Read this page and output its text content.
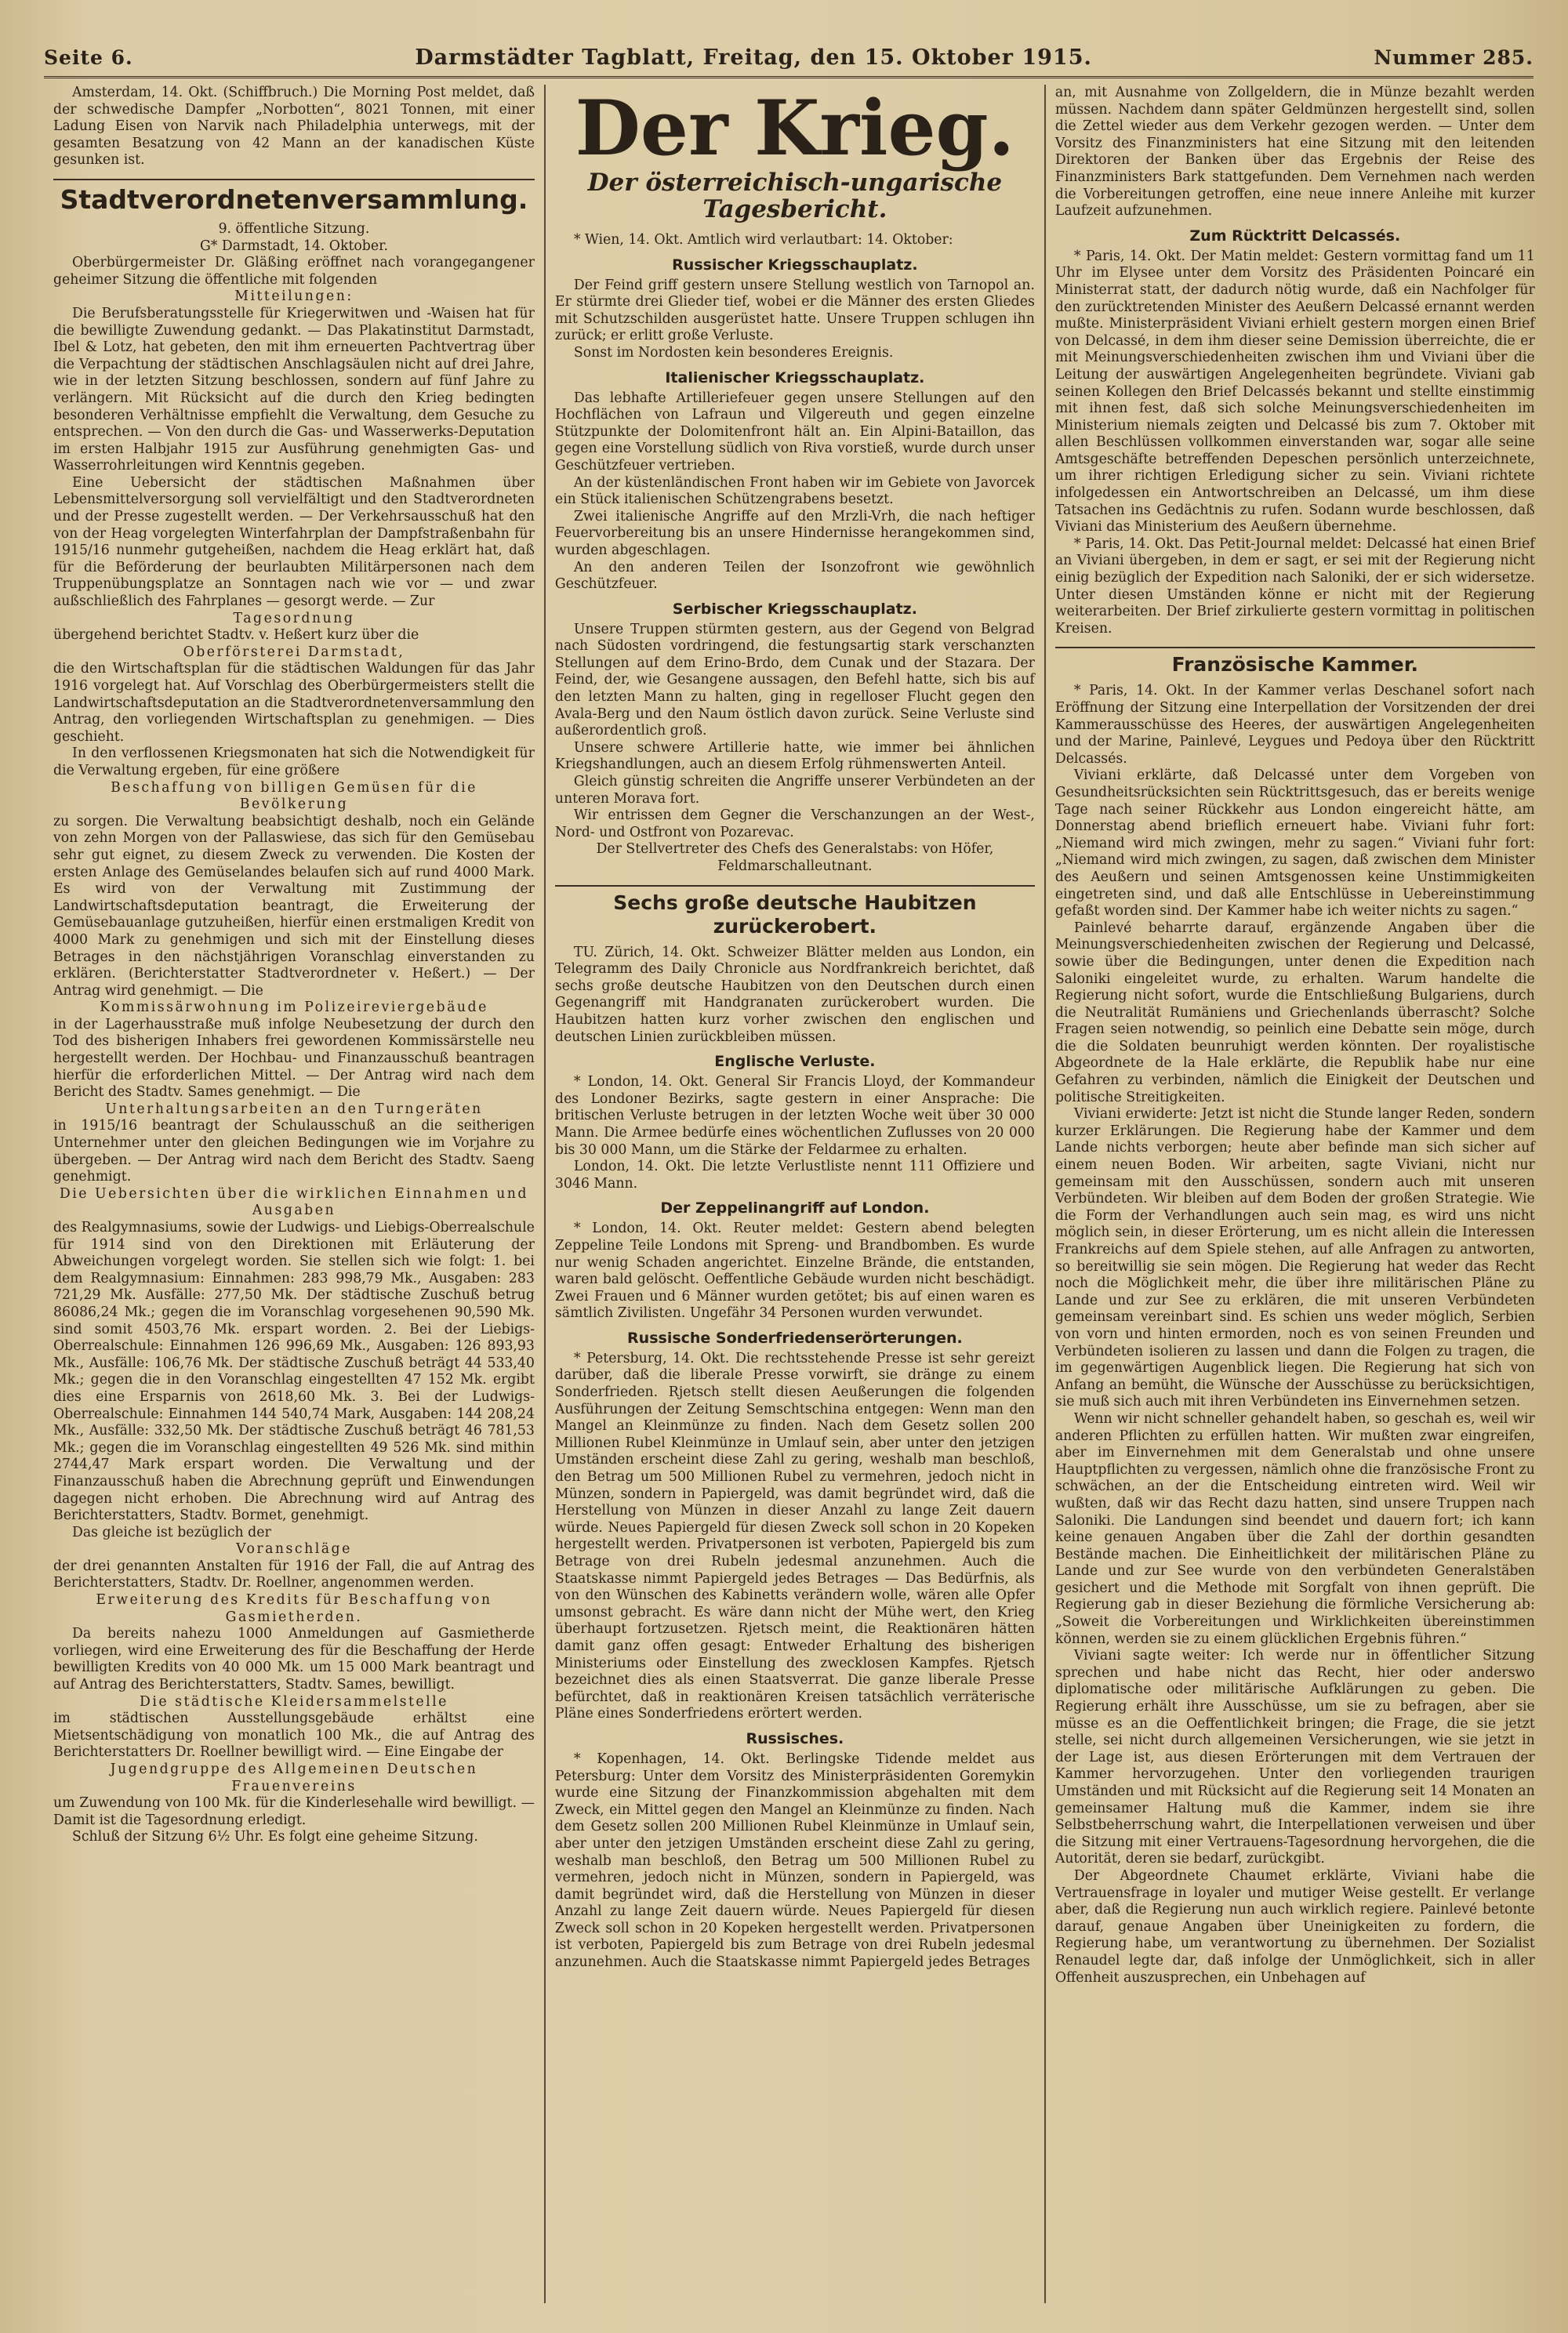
Seite 6.	Darmstädter Tagblatt, Freitag, den 15. Oktober 1915.	Nummer 285.

Amsterdam, 14. Okt. (Schiffbruch.) Die Morning Post meldet, daß der schwedische Dampfer „Norbotten“, 8021 Tonnen, mit einer Ladung Eisen von Narvik nach Philadelphia unterwegs, mit der gesamten Besatzung von 42 Mann an der kanadischen Küste gesunken ist.

Stadtverordnetenversammlung.

9. öffentliche Sitzung.

G* Darmstadt, 14. Oktober.

Oberbürgermeister Dr. Gläßing eröffnet nach vorangegangener geheimer Sitzung die öffentliche mit folgenden

Mitteilungen:

Die Berufsberatungsstelle für Kriegerwitwen und -Waisen hat für die bewilligte Zuwendung gedankt. — Das Plakatinstitut Darmstadt, Ibel & Lotz, hat gebeten, den mit ihm erneuerten Pachtvertrag über die Verpachtung der städtischen Anschlagsäulen nicht auf drei Jahre, wie in der letzten Sitzung beschlossen, sondern auf fünf Jahre zu verlängern. Mit Rücksicht auf die durch den Krieg bedingten besonderen Verhältnisse empfiehlt die Verwaltung, dem Gesuche zu entsprechen. — Von den durch die Gas- und Wasserwerks-Deputation im ersten Halbjahr 1915 zur Ausführung genehmigten Gas- und Wasserrohrleitungen wird Kenntnis gegeben.

Eine Uebersicht der städtischen Maßnahmen über Lebensmittelversorgung soll vervielfältigt und den Stadtverordneten und der Presse zugestellt werden. — Der Verkehrsausschuß hat den von der Heag vorgelegten Winterfahrplan der Dampfstraßenbahn für 1915/16 nunmehr gutgeheißen, nachdem die Heag erklärt hat, daß für die Beförderung der beurlaubten Militärpersonen nach dem Truppenübungsplatze an Sonntagen nach wie vor — und zwar außschließlich des Fahrplanes — gesorgt werde. — Zur

Tagesordnung

übergehend berichtet Stadtv. v. Heßert kurz über die

Oberförsterei Darmstadt,

die den Wirtschaftsplan für die städtischen Waldungen für das Jahr 1916 vorgelegt hat. Auf Vorschlag des Oberbürgermeisters stellt die Landwirtschaftsdeputation an die Stadtverordnetenversammlung den Antrag, den vorliegenden Wirtschaftsplan zu genehmigen. — Dies geschieht.

In den verflossenen Kriegsmonaten hat sich die Notwendigkeit für die Verwaltung ergeben, für eine größere

Beschaffung von billigen Gemüsen für die Bevölkerung

zu sorgen. Die Verwaltung beabsichtigt deshalb, noch ein Gelände von zehn Morgen von der Pallaswiese, das sich für den Gemüsebau sehr gut eignet, zu diesem Zweck zu verwenden. Die Kosten der ersten Anlage des Gemüselandes belaufen sich auf rund 4000 Mark. Es wird von der Verwaltung mit Zustimmung der Landwirtschaftsdeputation beantragt, die Erweiterung der Gemüsebauanlage gutzuheißen, hierfür einen erstmaligen Kredit von 4000 Mark zu genehmigen und sich mit der Einstellung dieses Betrages in den nächstjährigen Voranschlag einverstanden zu erklären. (Berichterstatter Stadtverordneter v. Heßert.) — Der Antrag wird genehmigt. — Die

Kommissärwohnung im Polizeireviergebäude

in der Lagerhausstraße muß infolge Neubesetzung der durch den Tod des bisherigen Inhabers frei gewordenen Kommissärstelle neu hergestellt werden. Der Hochbau- und Finanzausschuß beantragen hierfür die erforderlichen Mittel. — Der Antrag wird nach dem Bericht des Stadtv. Sames genehmigt. — Die

Unterhaltungsarbeiten an den Turngeräten

in 1915/16 beantragt der Schulausschuß an die seitherigen Unternehmer unter den gleichen Bedingungen wie im Vorjahre zu übergeben. — Der Antrag wird nach dem Bericht des Stadtv. Saeng genehmigt.

Die Uebersichten über die wirklichen Einnahmen und Ausgaben

des Realgymnasiums, sowie der Ludwigs- und Liebigs-Oberrealschule für 1914 sind von den Direktionen mit Erläuterung der Abweichungen vorgelegt worden. Sie stellen sich wie folgt: 1. bei dem Realgymnasium: Einnahmen: 283 998,79 Mk., Ausgaben: 283 721,29 Mk. Ausfälle: 277,50 Mk. Der städtische Zuschuß betrug 86086,24 Mk.; gegen die im Voranschlag vorgesehenen 90,590 Mk. sind somit 4503,76 Mk. erspart worden. 2. Bei der Liebigs-Oberrealschule: Einnahmen 126 996,69 Mk., Ausgaben: 126 893,93 Mk., Ausfälle: 106,76 Mk. Der städtische Zuschuß beträgt 44 533,40 Mk.; gegen die in den Voranschlag eingestellten 47 152 Mk. ergibt dies eine Ersparnis von 2618,60 Mk. 3. Bei der Ludwigs-Oberrealschule: Einnahmen 144 540,74 Mark, Ausgaben: 144 208,24 Mk., Ausfälle: 332,50 Mk. Der städtische Zuschuß beträgt 46 781,53 Mk.; gegen die im Voranschlag eingestellten 49 526 Mk. sind mithin 2744,47 Mark erspart worden. Die Verwaltung und der Finanzausschuß haben die Abrechnung geprüft und Einwendungen dagegen nicht erhoben. Die Abrechnung wird auf Antrag des Berichterstatters, Stadtv. Bormet, genehmigt.

Das gleiche ist bezüglich der

Voranschläge

der drei genannten Anstalten für 1916 der Fall, die auf Antrag des Berichterstatters, Stadtv. Dr. Roellner, angenommen werden.

Erweiterung des Kredits für Beschaffung von Gasmietherden.

Da bereits nahezu 1000 Anmeldungen auf Gasmietherde vorliegen, wird eine Erweiterung des für die Beschaffung der Herde bewilligten Kredits von 40 000 Mk. um 15 000 Mark beantragt und auf Antrag des Berichterstatters, Stadtv. Sames, bewilligt.

Die städtische Kleidersammelstelle

im städtischen Ausstellungsgebäude erhältst eine Mietsentschädigung von monatlich 100 Mk., die auf Antrag des Berichterstatters Dr. Roellner bewilligt wird. — Eine Eingabe der

Jugendgruppe des Allgemeinen Deutschen Frauenvereins

um Zuwendung von 100 Mk. für die Kinderlesehalle wird bewilligt. — Damit ist die Tagesordnung erledigt.

Schluß der Sitzung 6½ Uhr. Es folgt eine geheime Sitzung.

Der Krieg.
Der österreichisch-ungarische Tagesbericht.

* Wien, 14. Okt. Amtlich wird verlautbart: 14. Oktober:

Russischer Kriegsschauplatz.

Der Feind griff gestern unsere Stellung westlich von Tarnopol an. Er stürmte drei Glieder tief, wobei er die Männer des ersten Gliedes mit Schutzschilden ausgerüstet hatte. Unsere Truppen schlugen ihn zurück; er erlitt große Verluste.

Sonst im Nordosten kein besonderes Ereignis.

Italienischer Kriegsschauplatz.

Das lebhafte Artilleriefeuer gegen unsere Stellungen auf den Hochflächen von Lafraun und Vilgereuth und gegen einzelne Stützpunkte der Dolomitenfront hält an. Ein Alpini-Bataillon, das gegen eine Vorstellung südlich von Riva vorstieß, wurde durch unser Geschützfeuer vertrieben.

An der küstenländischen Front haben wir im Gebiete von Javorcek ein Stück italienischen Schützengrabens besetzt.

Zwei italienische Angriffe auf den Mrzli-Vrh, die nach heftiger Feuervorbereitung bis an unsere Hindernisse herangekommen sind, wurden abgeschlagen.

An den anderen Teilen der Isonzofront wie gewöhnlich Geschützfeuer.

Serbischer Kriegsschauplatz.

Unsere Truppen stürmten gestern, aus der Gegend von Belgrad nach Südosten vordringend, die festungsartig stark verschanzten Stellungen auf dem Erino-Brdo, dem Cunak und der Stazara. Der Feind, der, wie Gesangene aussagen, den Befehl hatte, sich bis auf den letzten Mann zu halten, ging in regelloser Flucht gegen den Avala-Berg und den Naum östlich davon zurück. Seine Verluste sind außerordentlich groß.

Unsere schwere Artillerie hatte, wie immer bei ähnlichen Kriegshandlungen, auch an diesem Erfolg rühmenswerten Anteil.

Gleich günstig schreiten die Angriffe unserer Verbündeten an der unteren Morava fort.

Wir entrissen dem Gegner die Verschanzungen an der West-, Nord- und Ostfront von Pozarevac.

Der Stellvertreter des Chefs des Generalstabs: von Höfer, Feldmarschalleutnant.

Sechs große deutsche Haubitzen zurückerobert.

TU. Zürich, 14. Okt. Schweizer Blätter melden aus London, ein Telegramm des Daily Chronicle aus Nordfrankreich berichtet, daß sechs große deutsche Haubitzen von den Deutschen durch einen Gegenangriff mit Handgranaten zurückerobert wurden. Die Haubitzen hatten kurz vorher zwischen den englischen und deutschen Linien zurückbleiben müssen.

Englische Verluste.

* London, 14. Okt. General Sir Francis Lloyd, der Kommandeur des Londoner Bezirks, sagte gestern in einer Ansprache: Die britischen Verluste betrugen in der letzten Woche weit über 30 000 Mann. Die Armee bedürfe eines wöchentlichen Zuflusses von 20 000 bis 30 000 Mann, um die Stärke der Feldarmee zu erhalten.

London, 14. Okt. Die letzte Verlustliste nennt 111 Offiziere und 3046 Mann.

Der Zeppelinangriff auf London.

* London, 14. Okt. Reuter meldet: Gestern abend belegten Zeppeline Teile Londons mit Spreng- und Brandbomben. Es wurde nur wenig Schaden angerichtet. Einzelne Brände, die entstanden, waren bald gelöscht. Oeffentliche Gebäude wurden nicht beschädigt. Zwei Frauen und 6 Männer wurden getötet; bis auf einen waren es sämtlich Zivilisten. Ungefähr 34 Personen wurden verwundet.

Russische Sonderfriedenserörterungen.

* Petersburg, 14. Okt. Die rechtsstehende Presse ist sehr gereizt darüber, daß die liberale Presse vorwirft, sie dränge zu einem Sonderfrieden. Rjetsch stellt diesen Aeußerungen die folgenden Ausführungen der Zeitung Semschtschina entgegen: Wenn man den Mangel an Kleinmünze zu finden. Nach dem Gesetz sollen 200 Millionen Rubel Kleinmünze in Umlauf sein, aber unter den jetzigen Umständen erscheint diese Zahl zu gering, weshalb man beschloß, den Betrag um 500 Millionen Rubel zu vermehren, jedoch nicht in Münzen, sondern in Papiergeld, was damit begründet wird, daß die Herstellung von Münzen in dieser Anzahl zu lange Zeit dauern würde. Neues Papiergeld für diesen Zweck soll schon in 20 Kopeken hergestellt werden. Privatpersonen ist verboten, Papiergeld bis zum Betrage von drei Rubeln jedesmal anzunehmen. Auch die Staatskasse nimmt Papiergeld jedes Betrages — Das Bedürfnis, als von den Wünschen des Kabinetts verändern wolle, wären alle Opfer umsonst gebracht. Es wäre dann nicht der Mühe wert, den Krieg überhaupt fortzusetzen. Rjetsch meint, die Reaktionären hätten damit ganz offen gesagt: Entweder Erhaltung des bisherigen Ministeriums oder Einstellung des zwecklosen Kampfes. Rjetsch bezeichnet dies als einen Staatsverrat. Die ganze liberale Presse befürchtet, daß in reaktionären Kreisen tatsächlich verräterische Pläne eines Sonderfriedens erörtert werden.

Russisches.

* Kopenhagen, 14. Okt. Berlingske Tidende meldet aus Petersburg: Unter dem Vorsitz des Ministerpräsidenten Goremykin wurde eine Sitzung der Finanzkommission abgehalten mit dem Zweck, ein Mittel gegen den Mangel an Kleinmünze zu finden. Nach dem Gesetz sollen 200 Millionen Rubel Kleinmünze in Umlauf sein, aber unter den jetzigen Umständen erscheint diese Zahl zu gering, weshalb man beschloß, den Betrag um 500 Millionen Rubel zu vermehren, jedoch nicht in Münzen, sondern in Papiergeld, was damit begründet wird, daß die Herstellung von Münzen in dieser Anzahl zu lange Zeit dauern würde. Neues Papiergeld für diesen Zweck soll schon in 20 Kopeken hergestellt werden. Privatpersonen ist verboten, Papiergeld bis zum Betrage von drei Rubeln jedesmal anzunehmen. Auch die Staatskasse nimmt Papiergeld jedes Betrages

an, mit Ausnahme von Zollgeldern, die in Münze bezahlt werden müssen. Nachdem dann später Geldmünzen hergestellt sind, sollen die Zettel wieder aus dem Verkehr gezogen werden. — Unter dem Vorsitz des Finanzministers hat eine Sitzung mit den leitenden Direktoren der Banken über das Ergebnis der Reise des Finanzministers Bark stattgefunden. Dem Vernehmen nach werden die Vorbereitungen getroffen, eine neue innere Anleihe mit kurzer Laufzeit aufzunehmen.

Zum Rücktritt Delcassés.

* Paris, 14. Okt. Der Matin meldet: Gestern vormittag fand um 11 Uhr im Elysee unter dem Vorsitz des Präsidenten Poincaré ein Ministerrat statt, der dadurch nötig wurde, daß ein Nachfolger für den zurücktretenden Minister des Aeußern Delcassé ernannt werden mußte. Ministerpräsident Viviani erhielt gestern morgen einen Brief von Delcassé, in dem ihm dieser seine Demission überreichte, die er mit Meinungsverschiedenheiten zwischen ihm und Viviani über die Leitung der auswärtigen Angelegenheiten begründete. Viviani gab seinen Kollegen den Brief Delcassés bekannt und stellte einstimmig mit ihnen fest, daß sich solche Meinungsverschiedenheiten im Ministerium niemals zeigten und Delcassé bis zum 7. Oktober mit allen Beschlüssen vollkommen einverstanden war, sogar alle seine Amtsgeschäfte betreffenden Depeschen persönlich unterzeichnete, um ihrer richtigen Erledigung sicher zu sein. Viviani richtete infolgedessen ein Antwortschreiben an Delcassé, um ihm diese Tatsachen ins Gedächtnis zu rufen. Sodann wurde beschlossen, daß Viviani das Ministerium des Aeußern übernehme.

* Paris, 14. Okt. Das Petit-Journal meldet: Delcassé hat einen Brief an Viviani übergeben, in dem er sagt, er sei mit der Regierung nicht einig bezüglich der Expedition nach Saloniki, der er sich widersetze. Unter diesen Umständen könne er nicht mit der Regierung weiterarbeiten. Der Brief zirkulierte gestern vormittag in politischen Kreisen.

Französische Kammer.

* Paris, 14. Okt. In der Kammer verlas Deschanel sofort nach Eröffnung der Sitzung eine Interpellation der Vorsitzenden der drei Kammerausschüsse des Heeres, der auswärtigen Angelegenheiten und der Marine, Painlevé, Leygues und Pedoya über den Rücktritt Delcassés.

Viviani erklärte, daß Delcassé unter dem Vorgeben von Gesundheitsrücksichten sein Rücktrittsgesuch, das er bereits wenige Tage nach seiner Rückkehr aus London eingereicht hätte, am Donnerstag abend brieflich erneuert habe. Viviani fuhr fort: „Niemand wird mich zwingen, mehr zu sagen.“ Viviani fuhr fort: „Niemand wird mich zwingen, zu sagen, daß zwischen dem Minister des Aeußern und seinen Amtsgenossen keine Unstimmigkeiten eingetreten sind, und daß alle Entschlüsse in Uebereinstimmung gefaßt worden sind. Der Kammer habe ich weiter nichts zu sagen.“

Painlevé beharrte darauf, ergänzende Angaben über die Meinungsverschiedenheiten zwischen der Regierung und Delcassé, sowie über die Bedingungen, unter denen die Expedition nach Saloniki eingeleitet wurde, zu erhalten. Warum handelte die Regierung nicht sofort, wurde die Entschließung Bulgariens, durch die Neutralität Rumäniens und Griechenlands überrascht? Solche Fragen seien notwendig, so peinlich eine Debatte sein möge, durch die die Soldaten beunruhigt werden könnten. Der royalistische Abgeordnete de la Hale erklärte, die Republik habe nur eine Gefahren zu verbinden, nämlich die Einigkeit der Deutschen und politische Streitigkeiten.

Viviani erwiderte: Jetzt ist nicht die Stunde langer Reden, sondern kurzer Erklärungen. Die Regierung habe der Kammer und dem Lande nichts verborgen; heute aber befinde man sich sicher auf einem neuen Boden. Wir arbeiten, sagte Viviani, nicht nur gemeinsam mit den Ausschüssen, sondern auch mit unseren Verbündeten. Wir bleiben auf dem Boden der großen Strategie. Wie die Form der Verhandlungen auch sein mag, es wird uns nicht möglich sein, in dieser Erörterung, um es nicht allein die Interessen Frankreichs auf dem Spiele stehen, auf alle Anfragen zu antworten, so bereitwillig sie sein mögen. Die Regierung hat weder das Recht noch die Möglichkeit mehr, die über ihre militärischen Pläne zu Lande und zur See zu erklären, die mit unseren Verbündeten gemeinsam vereinbart sind. Es schien uns weder möglich, Serbien von vorn und hinten ermorden, noch es von seinen Freunden und Verbündeten isolieren zu lassen und dann die Folgen zu tragen, die im gegenwärtigen Augenblick liegen. Die Regierung hat sich von Anfang an bemüht, die Wünsche der Ausschüsse zu berücksichtigen, sie muß sich auch mit ihren Verbündeten ins Einvernehmen setzen.

Wenn wir nicht schneller gehandelt haben, so geschah es, weil wir anderen Pflichten zu erfüllen hatten. Wir mußten zwar eingreifen, aber im Einvernehmen mit dem Generalstab und ohne unsere Hauptpflichten zu vergessen, nämlich ohne die französische Front zu schwächen, an der die Entscheidung eintreten wird. Weil wir wußten, daß wir das Recht dazu hatten, sind unsere Truppen nach Saloniki. Die Landungen sind beendet und dauern fort; ich kann keine genauen Angaben über die Zahl der dorthin gesandten Bestände machen. Die Einheitlichkeit der militärischen Pläne zu Lande und zur See wurde von den verbündeten Generalstäben gesichert und die Methode mit Sorgfalt von ihnen geprüft. Die Regierung gab in dieser Beziehung die förmliche Versicherung ab: „Soweit die Vorbereitungen und Wirklichkeiten übereinstimmen können, werden sie zu einem glücklichen Ergebnis führen.“

Viviani sagte weiter: Ich werde nur in öffentlicher Sitzung sprechen und habe nicht das Recht, hier oder anderswo diplomatische oder militärische Aufklärungen zu geben. Die Regierung erhält ihre Ausschüsse, um sie zu befragen, aber sie müsse es an die Oeffentlichkeit bringen; die Frage, die sie jetzt stelle, sei nicht durch allgemeinen Versicherungen, wie sie jetzt in der Lage ist, aus diesen Erörterungen mit dem Vertrauen der Kammer hervorzugehen. Unter den vorliegenden traurigen Umständen und mit Rücksicht auf die Regierung seit 14 Monaten an gemeinsamer Haltung muß die Kammer, indem sie ihre Selbstbeherrschung wahrt, die Interpellationen verweisen und über die Sitzung mit einer Vertrauens-Tagesordnung hervorgehen, die die Autorität, deren sie bedarf, zurückgibt.

Der Abgeordnete Chaumet erklärte, Viviani habe die Vertrauensfrage in loyaler und mutiger Weise gestellt. Er verlange aber, daß die Regierung nun auch wirklich regiere. Painlevé betonte darauf, genaue Angaben über Uneinigkeiten zu fordern, die Regierung habe, um verantwortung zu übernehmen. Der Sozialist Renaudel legte dar, daß infolge der Unmöglichkeit, sich in aller Offenheit auszusprechen, ein Unbehagen auf
